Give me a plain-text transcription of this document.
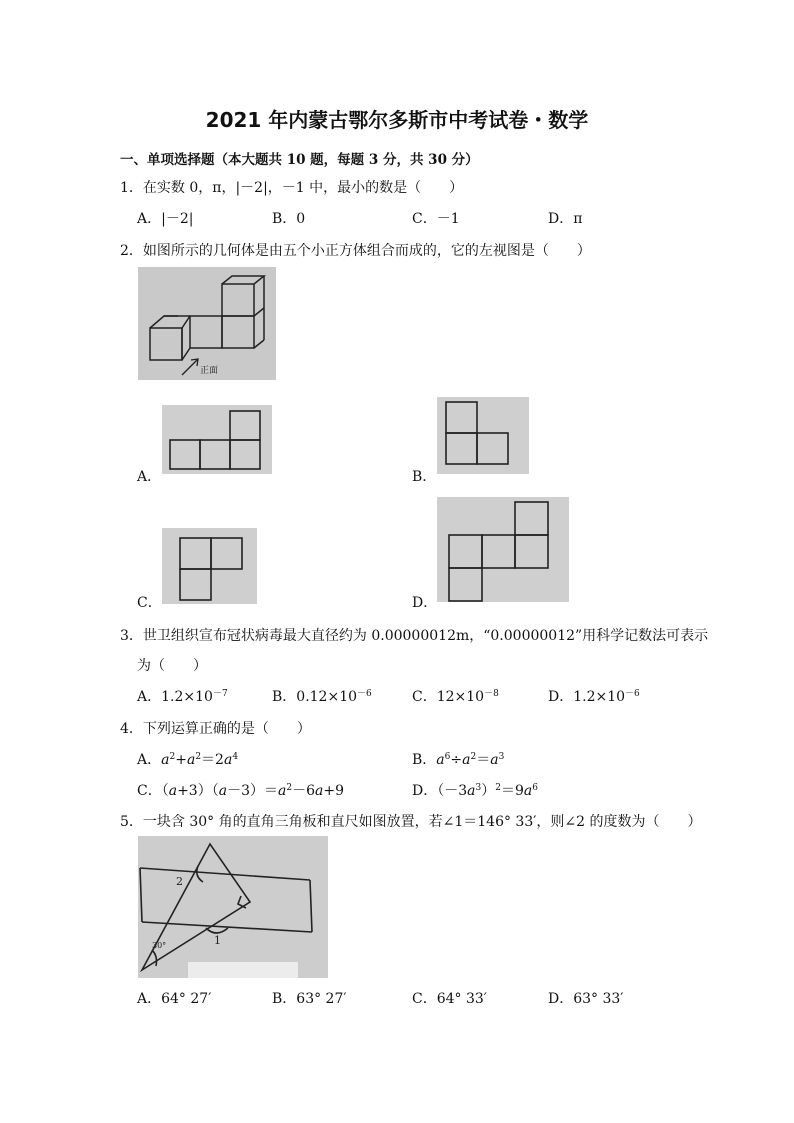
2021 年内蒙古鄂尔多斯市中考试卷・数学
一、单项选择题（本大题共 10 题，每题 3 分，共 30 分）
1．在实数 0，π，|－2|，－1 中，最小的数是（　　）
A．|－2|	B．0	C．－1	D．π
2．如图所示的几何体是由五个小正方体组合而成的，它的左视图是（　　）
正面
A．	B．
C．	D．
3．世卫组织宣布冠状病毒最大直径约为 0.00000012m，“0.00000012”用科学记数法可表示
为（　　）
A．$1.2\times 10^{-7}$	B．$0.12\times 10^{-6}$	C．$12\times 10^{-8}$	D．$1.2\times 10^{-6}$
4．下列运算正确的是（　　）
A．$a^2+a^2=2a^4$	B．$a^6\div a^2=a^3$
C．$(a+3)(a-3)=a^2-6a+9$	D．$(-3a^3)^2=9a^6$
5．一块含 30° 角的直角三角板和直尺如图放置，若∠1＝146° 33′，则∠2 的度数为（　　）
2
1
30°
A．64° 27′	B．63° 27′	C．64° 33′	D．63° 33′
